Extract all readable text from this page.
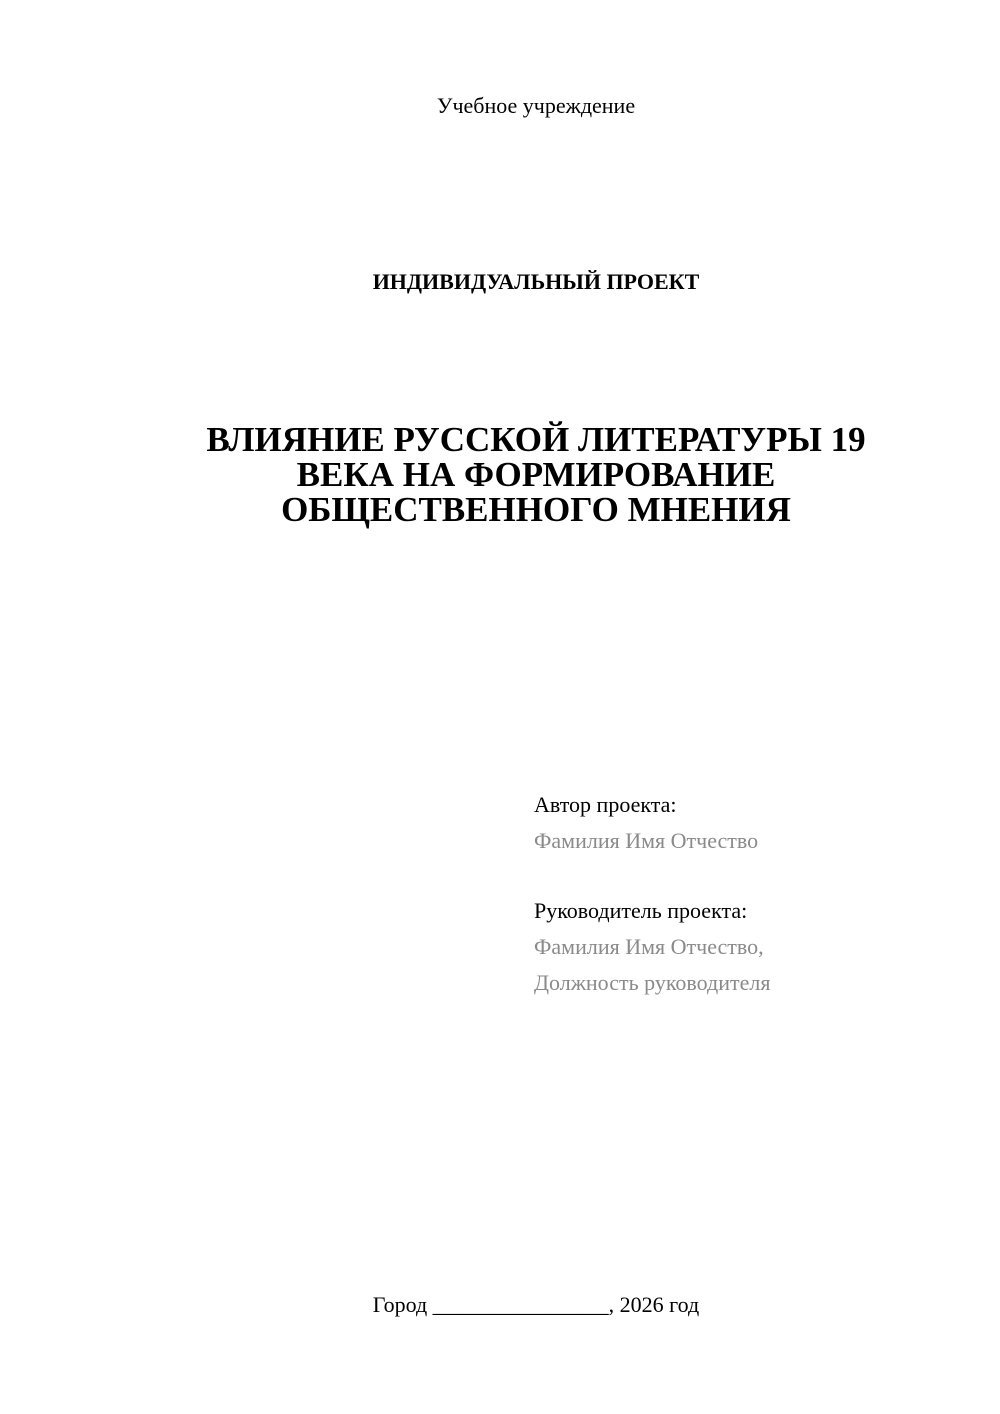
Учебное учреждение
ИНДИВИДУАЛЬНЫЙ ПРОЕКТ
ВЛИЯНИЕ РУССКОЙ ЛИТЕРАТУРЫ 19
ВЕКА НА ФОРМИРОВАНИЕ
ОБЩЕСТВЕННОГО МНЕНИЯ
Автор проекта:
Фамилия Имя Отчество
Руководитель проекта:
Фамилия Имя Отчество,
Должность руководителя
Город ________________, 2026 год
